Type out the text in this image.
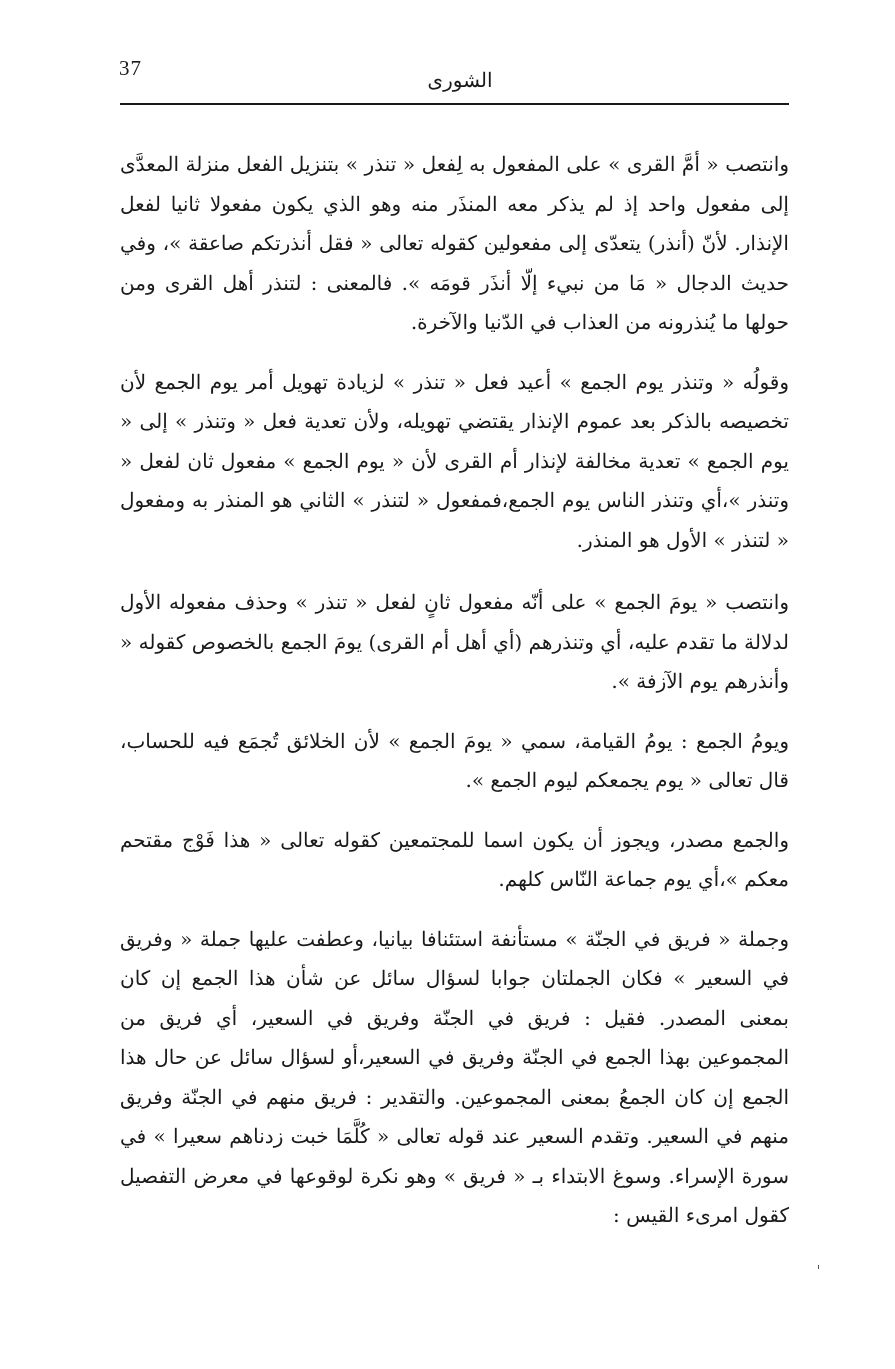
37	الشورى

وانتصب « أمَّ القرى » على المفعول به لِفعل « تنذر » بتنزيل الفعل منزلة المعدَّى إلى مفعول واحد إذ لم يذكر معه المنذَر منه وهو الذي يكون مفعولا ثانيا لفعل الإنذار. لأنّ (أنذر) يتعدّى إلى مفعولين كقوله تعالى « فقل أنذرتكم صاعقة »، وفي حديث الدجال « مَا من نبيء إلّا أنذَر قومَه ». فالمعنى : لتنذر أهل القرى ومن حولها ما يُنذرونه من العذاب في الدّنيا والآخرة.

وقولُه « وتنذر يوم الجمع » أعيد فعل « تنذر » لزيادة تهويل أمر يوم الجمع لأن تخصيصه بالذكر بعد عموم الإنذار يقتضي تهويله، ولأن تعدية فعل « وتنذر » إلى « يوم الجمع » تعدية مخالفة لإنذار أم القرى لأن « يوم الجمع » مفعول ثان لفعل « وتنذر »،أي وتنذر الناس يوم الجمع،فمفعول « لتنذر » الثاني هو المنذر به ومفعول « لتنذر » الأول هو المنذر.

وانتصب « يومَ الجمع » على أنّه مفعول ثانٍ لفعل « تنذر » وحذف مفعوله الأول لدلالة ما تقدم عليه، أي وتنذرهم (أي أهل أم القرى) يومَ الجمع بالخصوص كقوله « وأنذرهم يوم الآزفة ».

ويومُ الجمع : يومُ القيامة، سمي « يومَ الجمع » لأن الخلائق تُجمَع فيه للحساب، قال تعالى « يوم يجمعكم ليوم الجمع ».

والجمع مصدر، ويجوز أن يكون اسما للمجتمعين كقوله تعالى « هذا فَوْج مقتحم معكم »،أي يوم جماعة النّاس كلهم.

وجملة « فريق في الجنّة » مستأنفة استئنافا بيانيا، وعطفت عليها جملة « وفريق في السعير » فكان الجملتان جوابا لسؤال سائل عن شأن هذا الجمع إن كان بمعنى المصدر. فقيل : فريق في الجنّة وفريق في السعير، أي فريق من المجموعين بهذا الجمع في الجنّة وفريق في السعير،أو لسؤال سائل عن حال هذا الجمع إن كان الجمعُ بمعنى المجموعين. والتقدير : فريق منهم في الجنّة وفريق منهم في السعير. وتقدم السعير عند قوله تعالى « كُلَّمَا خبت زدناهم سعيرا » في سورة الإسراء. وسوغ الابتداء بـ « فريق » وهو نكرة لوقوعها في معرض التفصيل كقول امرىء القيس :
